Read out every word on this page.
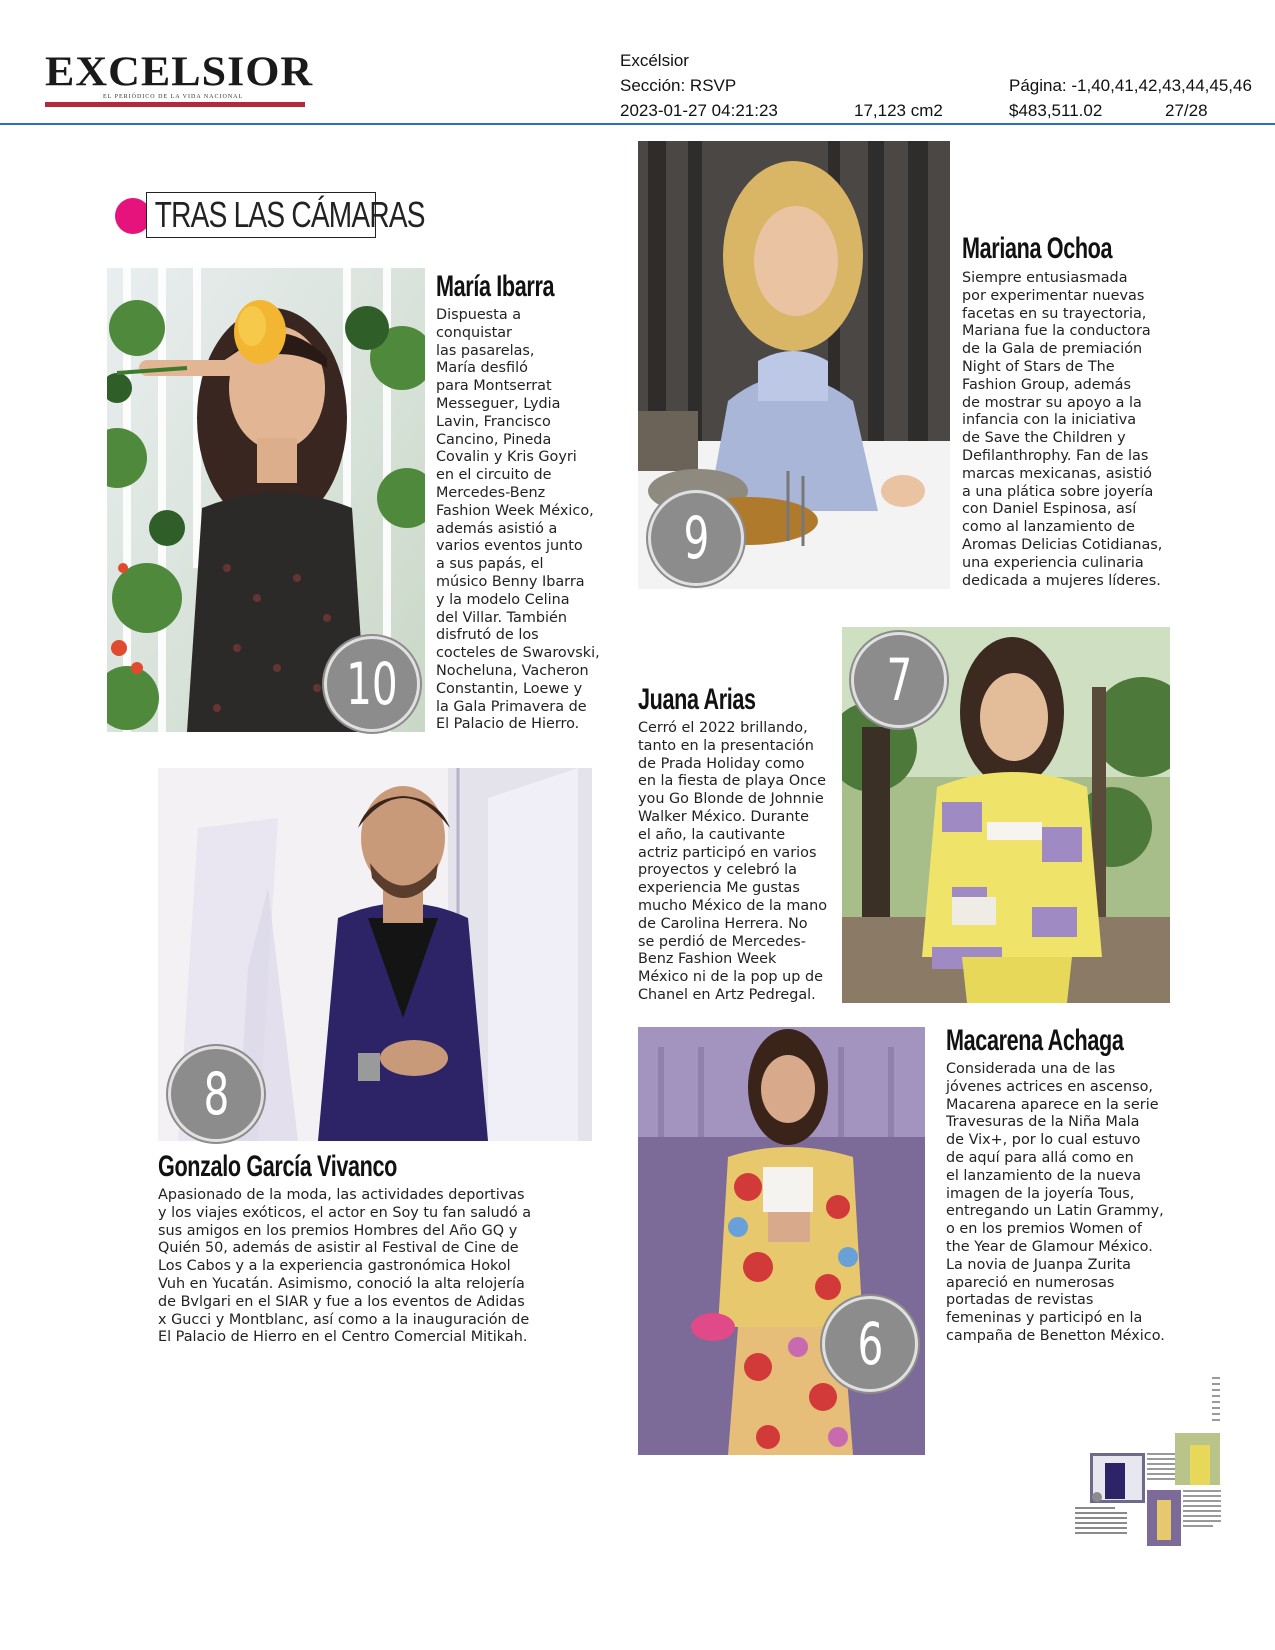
EXCELSIOR
EL PERIÓDICO DE LA VIDA NACIONAL
Excélsior
Sección: RSVP	Página: -1,40,41,42,43,44,45,46
2023-01-27 04:21:23	17,123 cm2	$483,511.02	27/28
TRAS LAS CÁMARAS
10
María Ibarra
Dispuesta a
conquistar
las pasarelas,
María desfiló
para Montserrat
Messeguer, Lydia
Lavin, Francisco
Cancino, Pineda
Covalin y Kris Goyri
en el circuito de
Mercedes-Benz
Fashion Week México,
además asistió a
varios eventos junto
a sus papás, el
músico Benny Ibarra
y la modelo Celina
del Villar. También
disfrutó de los
cocteles de Swarovski,
Nocheluna, Vacheron
Constantin, Loewe y
la Gala Primavera de
El Palacio de Hierro.
9
Mariana Ochoa
Siempre entusiasmada
por experimentar nuevas
facetas en su trayectoria,
Mariana fue la conductora
de la Gala de premiación
Night of Stars de The
Fashion Group, además
de mostrar su apoyo a la
infancia con la iniciativa
de Save the Children y
Defilanthrophy. Fan de las
marcas mexicanas, asistió
a una plática sobre joyería
con Daniel Espinosa, así
como al lanzamiento de
Aromas Delicias Cotidianas,
una experiencia culinaria
dedicada a mujeres líderes.
8
Gonzalo García Vivanco
Apasionado de la moda, las actividades deportivas
y los viajes exóticos, el actor en Soy tu fan saludó a
sus amigos en los premios Hombres del Año GQ y
Quién 50, además de asistir al Festival de Cine de
Los Cabos y a la experiencia gastronómica Hokol
Vuh en Yucatán. Asimismo, conoció la alta relojería
de Bvlgari en el SIAR y fue a los eventos de Adidas
x Gucci y Montblanc, así como a la inauguración de
El Palacio de Hierro en el Centro Comercial Mitikah.
7
Juana Arias
Cerró el 2022 brillando,
tanto en la presentación
de Prada Holiday como
en la fiesta de playa Once
you Go Blonde de Johnnie
Walker México. Durante
el año, la cautivante
actriz participó en varios
proyectos y celebró la
experiencia Me gustas
mucho México de la mano
de Carolina Herrera. No
se perdió de Mercedes-
Benz Fashion Week
México ni de la pop up de
Chanel en Artz Pedregal.
6
Macarena Achaga
Considerada una de las
jóvenes actrices en ascenso,
Macarena aparece en la serie
Travesuras de la Niña Mala
de Vix+, por lo cual estuvo
de aquí para allá como en
el lanzamiento de la nueva
imagen de la joyería Tous,
entregando un Latin Grammy,
o en los premios Women of
the Year de Glamour México.
La novia de Juanpa Zurita
apareció en numerosas
portadas de revistas
femeninas y participó en la
campaña de Benetton México.
